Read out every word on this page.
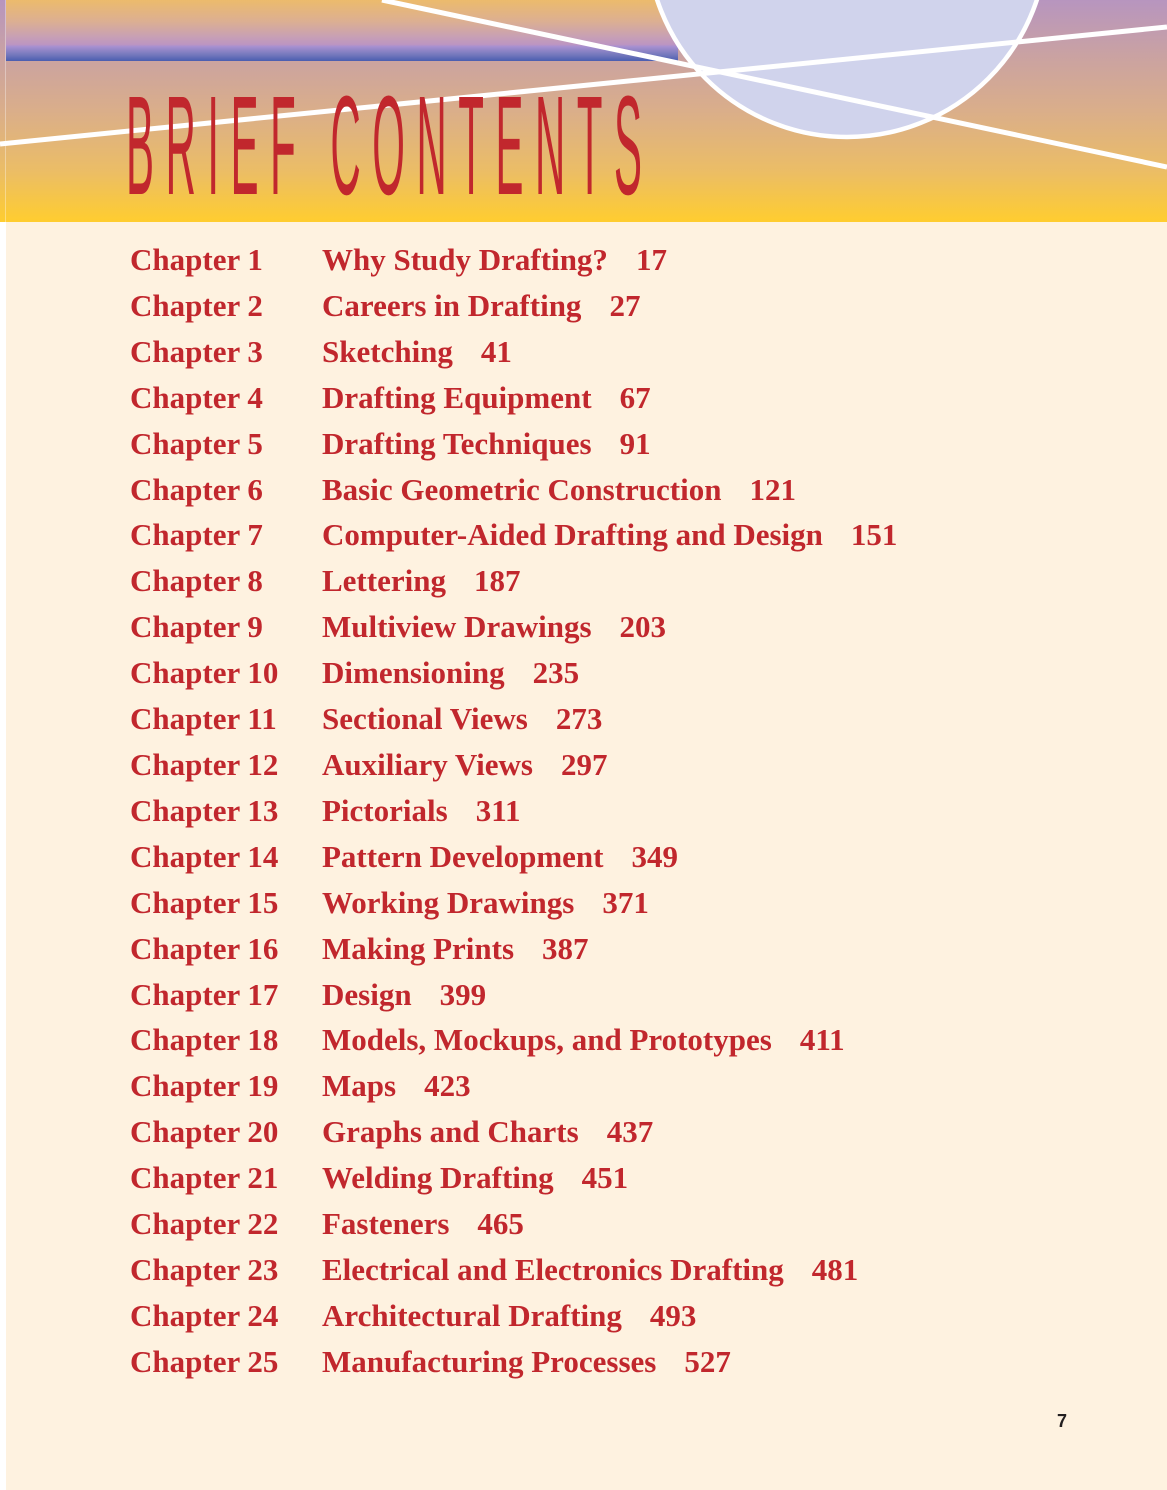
BRIEF CONTENTS
Chapter 1	Why Study Drafting? 17
Chapter 2	Careers in Drafting 27
Chapter 3	Sketching 41
Chapter 4	Drafting Equipment 67
Chapter 5	Drafting Techniques 91
Chapter 6	Basic Geometric Construction 121
Chapter 7	Computer-Aided Drafting and Design 151
Chapter 8	Lettering 187
Chapter 9	Multiview Drawings 203
Chapter 10	Dimensioning 235
Chapter 11	Sectional Views 273
Chapter 12	Auxiliary Views 297
Chapter 13	Pictorials 311
Chapter 14	Pattern Development 349
Chapter 15	Working Drawings 371
Chapter 16	Making Prints 387
Chapter 17	Design 399
Chapter 18	Models, Mockups, and Prototypes 411
Chapter 19	Maps 423
Chapter 20	Graphs and Charts 437
Chapter 21	Welding Drafting 451
Chapter 22	Fasteners 465
Chapter 23	Electrical and Electronics Drafting 481
Chapter 24	Architectural Drafting 493
Chapter 25	Manufacturing Processes 527
7
